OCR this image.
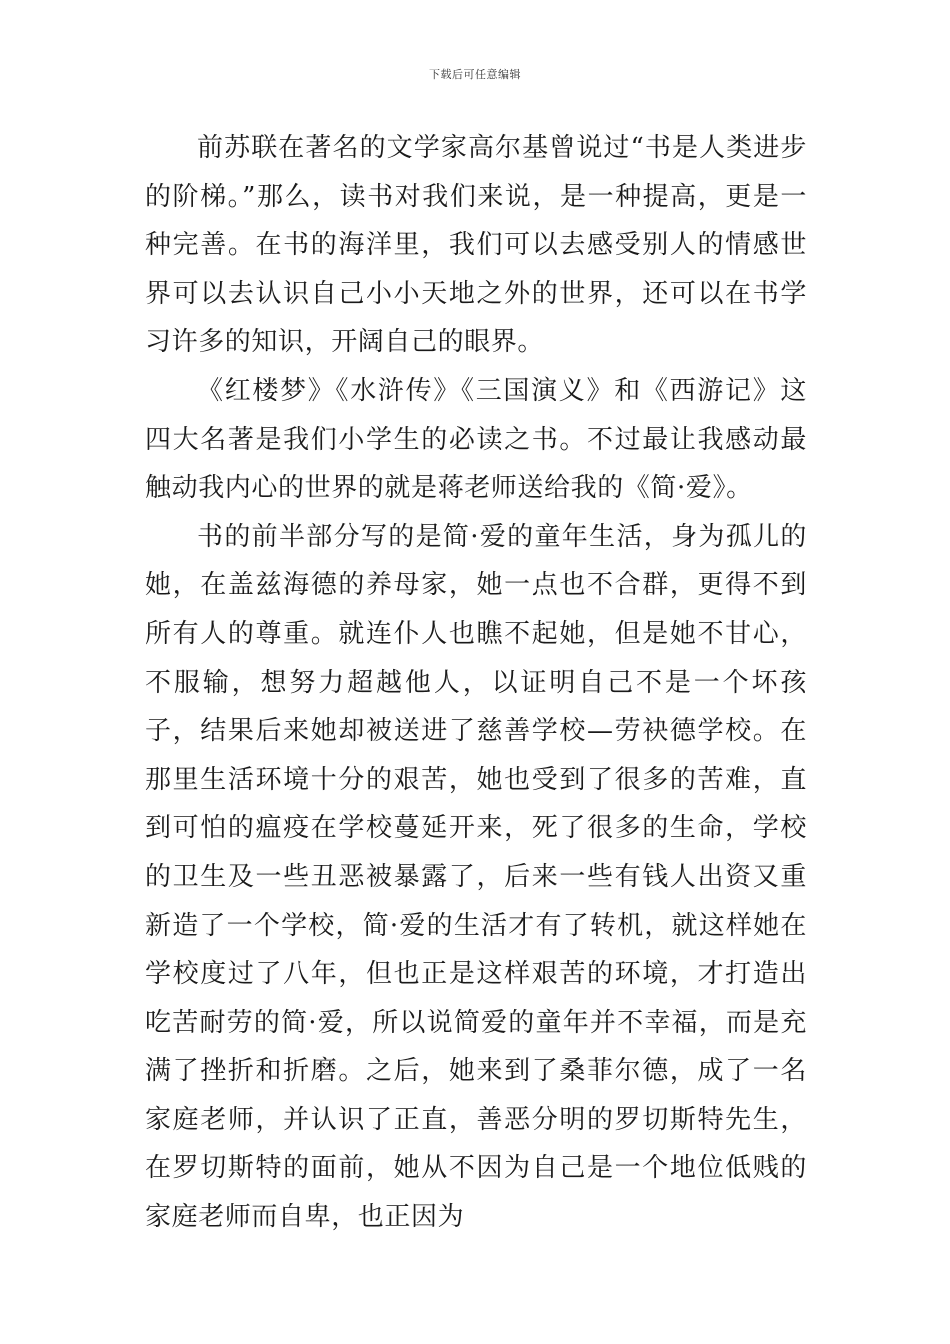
下载后可任意编辑

前苏联在著名的文学家高尔基曾说过“书是人类进步的阶梯。”那么，读书对我们来说，是一种提高，更是一种完善。在书的海洋里，我们可以去感受别人的情感世界可以去认识自己小小天地之外的世界，还可以在书学习许多的知识，开阔自己的眼界。

《红楼梦》《水浒传》《三国演义》和《西游记》这四大名著是我们小学生的必读之书。不过最让我感动最触动我内心的世界的就是蒋老师送给我的《简·爱》。

书的前半部分写的是简·爱的童年生活，身为孤儿的她，在盖兹海德的养母家，她一点也不合群，更得不到所有人的尊重。就连仆人也瞧不起她，但是她不甘心，不服输，想努力超越他人，以证明自己不是一个坏孩子，结果后来她却被送进了慈善学校—劳袂德学校。在那里生活环境十分的艰苦，她也受到了很多的苦难，直到可怕的瘟疫在学校蔓延开来，死了很多的生命，学校的卫生及一些丑恶被暴露了，后来一些有钱人出资又重新造了一个学校，简·爱的生活才有了转机，就这样她在学校度过了八年，但也正是这样艰苦的环境，才打造出吃苦耐劳的简·爱，所以说简爱的童年并不幸福，而是充满了挫折和折磨。之后，她来到了桑菲尔德，成了一名家庭老师，并认识了正直，善恶分明的罗切斯特先生，在罗切斯特的面前，她从不因为自己是一个地位低贱的家庭老师而自卑，也正因为
